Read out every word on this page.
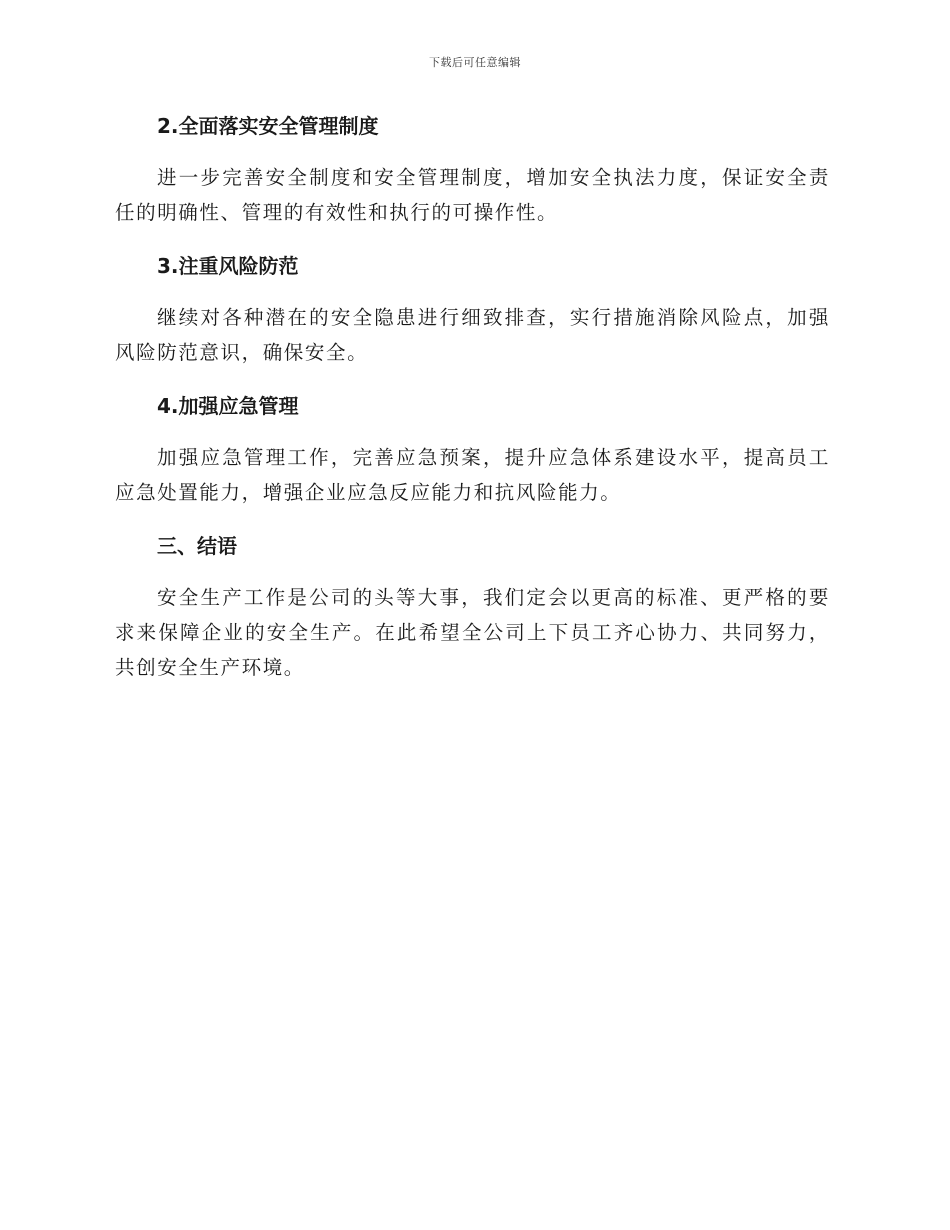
下载后可任意编辑
2.全面落实安全管理制度

进一步完善安全制度和安全管理制度，增加安全执法力度，保证安全责任的明确性、管理的有效性和执行的可操作性。

3.注重风险防范

继续对各种潜在的安全隐患进行细致排查，实行措施消除风险点，加强风险防范意识，确保安全。

4.加强应急管理

加强应急管理工作，完善应急预案，提升应急体系建设水平，提高员工应急处置能力，增强企业应急反应能力和抗风险能力。

三、结语

安全生产工作是公司的头等大事，我们定会以更高的标准、更严格的要求来保障企业的安全生产。在此希望全公司上下员工齐心协力、共同努力，共创安全生产环境。
